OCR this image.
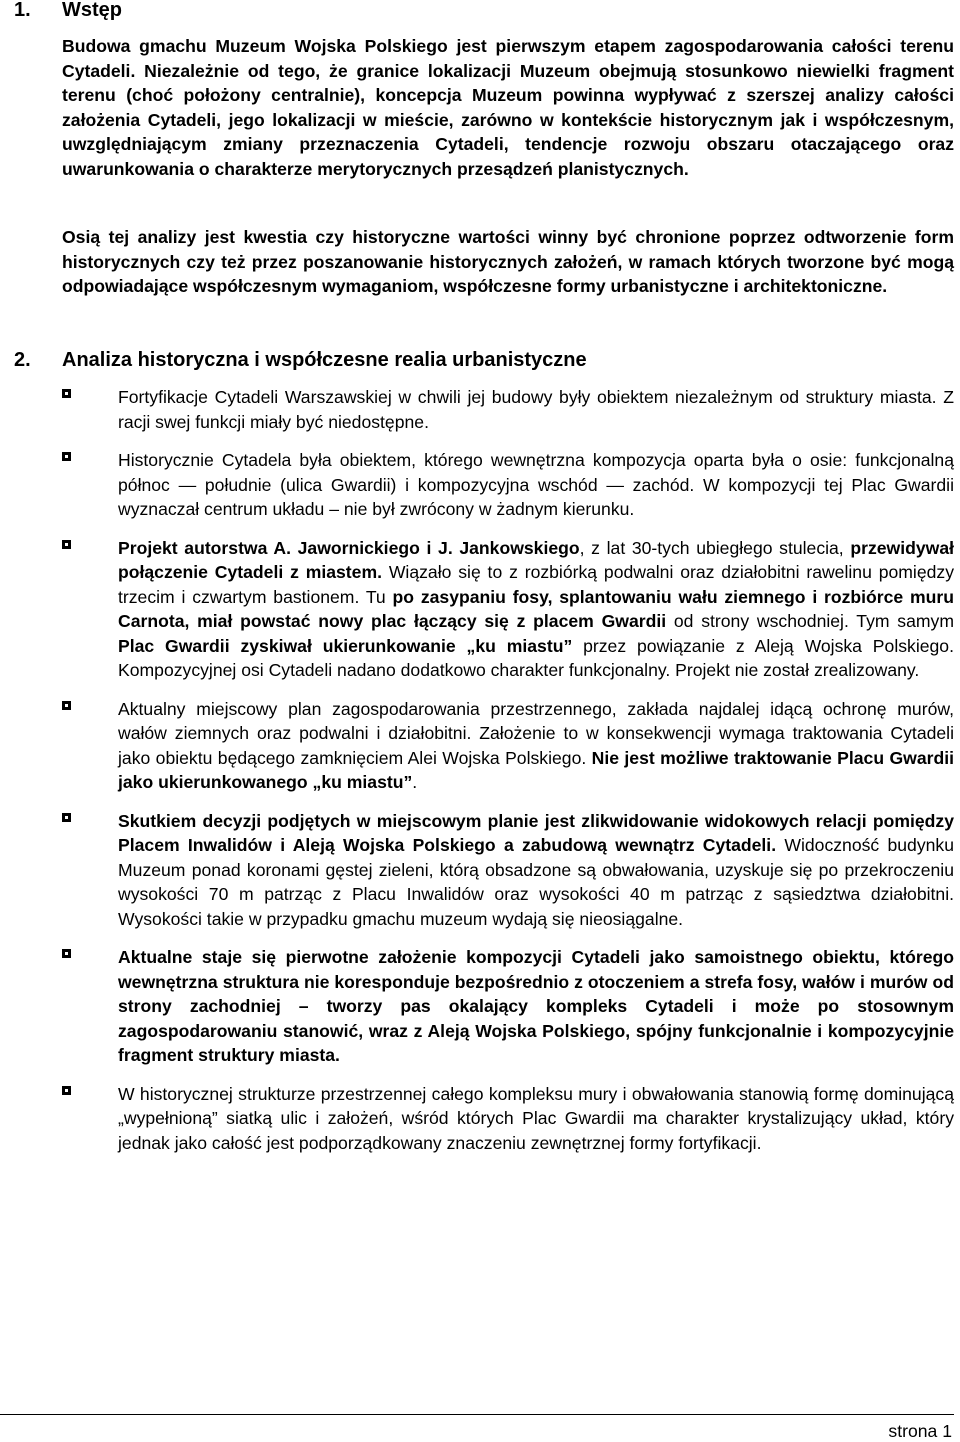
1. Wstęp

Budowa gmachu Muzeum Wojska Polskiego jest pierwszym etapem zagospodarowania całości terenu Cytadeli. Niezależnie od tego, że granice lokalizacji Muzeum obejmują stosunkowo niewielki fragment terenu (choć położony centralnie), koncepcja Muzeum powinna wypływać z szerszej analizy całości założenia Cytadeli, jego lokalizacji w mieście, zarówno w kontekście historycznym jak i współczesnym, uwzględniającym zmiany przeznaczenia Cytadeli, tendencje rozwoju obszaru otaczającego oraz uwarunkowania o charakterze merytorycznych przesądzeń planistycznych.

Osią tej analizy jest kwestia czy historyczne wartości winny być chronione poprzez odtworzenie form historycznych czy też przez poszanowanie historycznych założeń, w ramach których tworzone być mogą odpowiadające współczesnym wymaganiom, współczesne formy urbanistyczne i architektoniczne.

2. Analiza historyczna i współczesne realia urbanistyczne
Fortyfikacje Cytadeli Warszawskiej w chwili jej budowy były obiektem niezależnym od struktury miasta. Z racji swej funkcji miały być niedostępne.
Historycznie Cytadela była obiektem, którego wewnętrzna kompozycja oparta była o osie: funkcjonalną północ — południe (ulica Gwardii) i kompozycyjna wschód — zachód. W kompozycji tej Plac Gwardii wyznaczał centrum układu – nie był zwrócony w żadnym kierunku.
Projekt autorstwa A. Jawornickiego i J. Jankowskiego, z lat 30-tych ubiegłego stulecia, przewidywał połączenie Cytadeli z miastem. Wiązało się to z rozbiórką podwalni oraz działobitni rawelinu pomiędzy trzecim i czwartym bastionem. Tu po zasypaniu fosy, splantowaniu wału ziemnego i rozbiórce muru Carnota, miał powstać nowy plac łączący się z placem Gwardii od strony wschodniej. Tym samym Plac Gwardii zyskiwał ukierunkowanie „ku miastu” przez powiązanie z Aleją Wojska Polskiego. Kompozycyjnej osi Cytadeli nadano dodatkowo charakter funkcjonalny. Projekt nie został zrealizowany.
Aktualny miejscowy plan zagospodarowania przestrzennego, zakłada najdalej idącą ochronę murów, wałów ziemnych oraz podwalni i działobitni. Założenie to w konsekwencji wymaga traktowania Cytadeli jako obiektu będącego zamknięciem Alei Wojska Polskiego. Nie jest możliwe traktowanie Placu Gwardii jako ukierunkowanego „ku miastu”.
Skutkiem decyzji podjętych w miejscowym planie jest zlikwidowanie widokowych relacji pomiędzy Placem Inwalidów i Aleją Wojska Polskiego a zabudową wewnątrz Cytadeli. Widoczność budynku Muzeum ponad koronami gęstej zieleni, którą obsadzone są obwałowania, uzyskuje się po przekroczeniu wysokości 70 m patrząc z Placu Inwalidów oraz wysokości 40 m patrząc z sąsiedztwa działobitni. Wysokości takie w przypadku gmachu muzeum wydają się nieosiągalne.
Aktualne staje się pierwotne założenie kompozycji Cytadeli jako samoistnego obiektu, którego wewnętrzna struktura nie koresponduje bezpośrednio z otoczeniem a strefa fosy, wałów i murów od strony zachodniej – tworzy pas okalający kompleks Cytadeli i może po stosownym zagospodarowaniu stanowić, wraz z Aleją Wojska Polskiego, spójny funkcjonalnie i kompozycyjnie fragment struktury miasta.
W historycznej strukturze przestrzennej całego kompleksu mury i obwałowania stanowią formę dominującą „wypełnioną” siatką ulic i założeń, wśród których Plac Gwardii ma charakter krystalizujący układ, który jednak jako całość jest podporządkowany znaczeniu zewnętrznej formy fortyfikacji.
strona 1
